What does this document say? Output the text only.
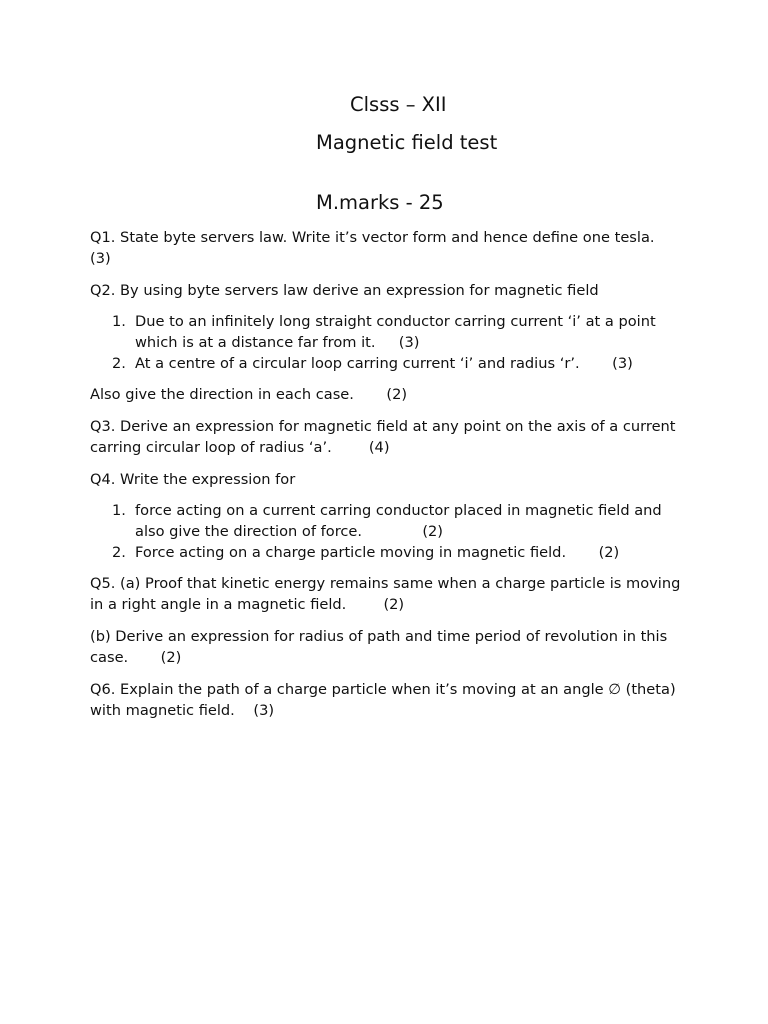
Clsss – XII
Magnetic field test
M.marks - 25

Q1. State byte servers law. Write it’s vector form and hence define one tesla.
(3)

Q2. By using byte servers law derive an expression for magnetic field

1. Due to an infinitely long straight conductor carring current ‘i’ at a point which is at a distance far from it. (3)
2. At a centre of a circular loop carring current ‘i’ and radius ‘r’. (3)

Also give the direction in each case. (2)

Q3. Derive an expression for magnetic field at any point on the axis of a current carring circular loop of radius ‘a’.	(4)

Q4. Write the expression for

1. force acting on a current carring conductor placed in magnetic field and also give the direction of force.	(2)
2. Force acting on a charge particle moving in magnetic field. (2)

Q5. (a) Proof that kinetic energy remains same when a charge particle is moving in a right angle in a magnetic field.	(2)

(b) Derive an expression for radius of path and time period of revolution in this case. (2)

Q6. Explain the path of a charge particle when it’s moving at an angle ∅ (theta) with magnetic field. (3)
